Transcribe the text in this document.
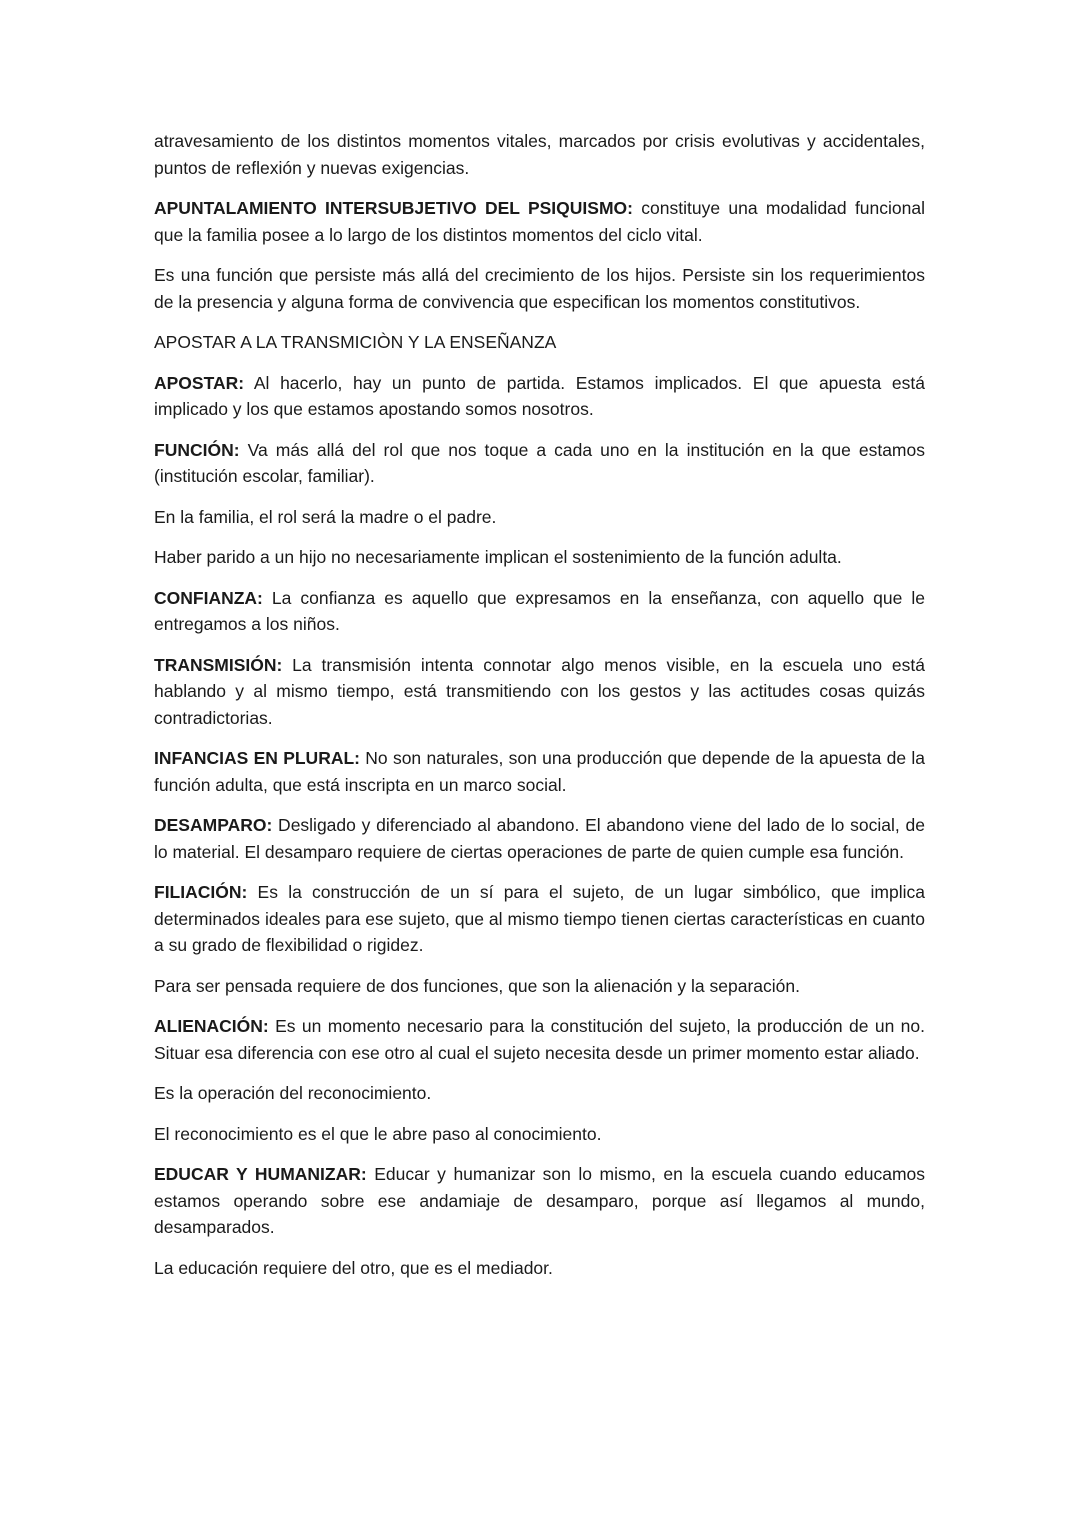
atravesamiento de los distintos momentos vitales, marcados por crisis evolutivas y accidentales, puntos de reflexión y nuevas exigencias.

APUNTALAMIENTO INTERSUBJETIVO DEL PSIQUISMO: constituye una modalidad funcional que la familia posee a lo largo de los distintos momentos del ciclo vital.

Es una función que persiste más allá del crecimiento de los hijos. Persiste sin los requerimientos de la presencia y alguna forma de convivencia que especifican los momentos constitutivos.

APOSTAR A LA TRANSMICIÒN Y LA ENSEÑANZA

APOSTAR: Al hacerlo, hay un punto de partida. Estamos implicados. El que apuesta está implicado y los que estamos apostando somos nosotros.

FUNCIÓN: Va más allá del rol que nos toque a cada uno en la institución en la que estamos (institución escolar, familiar).

En la familia, el rol será la madre o el padre.

Haber parido a un hijo no necesariamente implican el sostenimiento de la función adulta.

CONFIANZA: La confianza es aquello que expresamos en la enseñanza, con aquello que le entregamos a los niños.

TRANSMISIÓN: La transmisión intenta connotar algo menos visible, en la escuela uno está hablando y al mismo tiempo, está transmitiendo con los gestos y las actitudes cosas quizás contradictorias.

INFANCIAS EN PLURAL: No son naturales, son una producción que depende de la apuesta de la función adulta, que está inscripta en un marco social.

DESAMPARO: Desligado y diferenciado al abandono. El abandono viene del lado de lo social, de lo material. El desamparo requiere de ciertas operaciones de parte de quien cumple esa función.

FILIACIÓN: Es la construcción de un sí para el sujeto, de un lugar simbólico, que implica determinados ideales para ese sujeto, que al mismo tiempo tienen ciertas características en cuanto a su grado de flexibilidad o rigidez.

Para ser pensada requiere de dos funciones, que son la alienación y la separación.

ALIENACIÓN: Es un momento necesario para la constitución del sujeto, la producción de un no. Situar esa diferencia con ese otro al cual el sujeto necesita desde un primer momento estar aliado.

Es la operación del reconocimiento.

El reconocimiento es el que le abre paso al conocimiento.

EDUCAR Y HUMANIZAR: Educar y humanizar son lo mismo, en la escuela cuando educamos estamos operando sobre ese andamiaje de desamparo, porque así llegamos al mundo, desamparados.

La educación requiere del otro, que es el mediador.
